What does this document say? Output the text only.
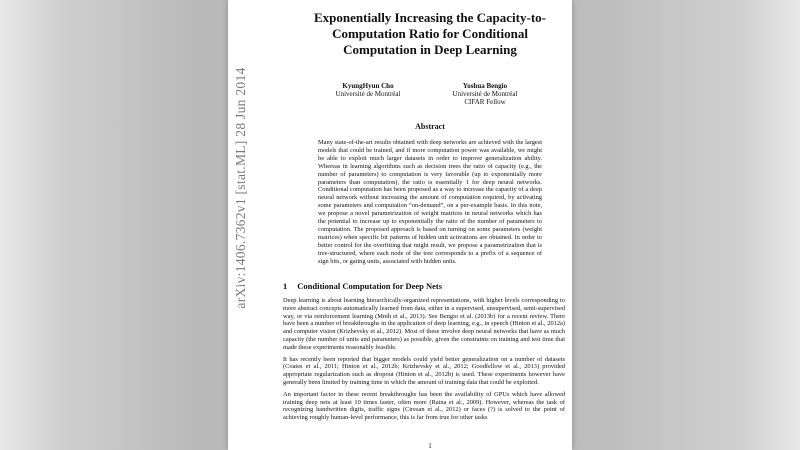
arXiv:1406.7362v1 [stat.ML] 28 Jun 2014
Exponentially Increasing the Capacity-to-Computation Ratio for Conditional Computation in Deep Learning
KyungHyun Cho
Université de Montréal
Yoshua Bengio
Université de Montréal
CIFAR Fellow
Abstract
Many state-of-the-art results obtained with deep networks are achieved with the largest models that could be trained, and if more computation power was available, we might be able to exploit much larger datasets in order to improve generalization ability. Whereas in learning algorithms such as decision trees the ratio of capacity (e.g., the number of parameters) to computation is very favorable (up to exponentially more parameters than computation), the ratio is essentially 1 for deep neural networks. Conditional computation has been proposed as a way to increase the capacity of a deep neural network without increasing the amount of computation required, by activating some parameters and computation “on-demand”, on a per-example basis. In this note, we propose a novel parametrization of weight matrices in neural networks which has the potential to increase up to exponentially the ratio of the number of parameters to computation. The proposed approach is based on turning on some parameters (weight matrices) when specific bit patterns of hidden unit activations are obtained. In order to better control for the overfitting that might result, we propose a parametrization that is tree-structured, where each node of the tree corresponds to a prefix of a sequence of sign bits, or gating units, associated with hidden units.
1 Conditional Computation for Deep Nets

Deep learning is about learning hierarchically-organized representations, with higher levels corresponding to more abstract concepts automatically learned from data, either in a supervised, unsupervised, semi-supervised way, or via reinforcement learning (Mnih et al., 2013). See Bengio et al. (2013b) for a recent review. There have been a number of breakthroughs in the application of deep learning, e.g., in speech (Hinton et al., 2012a) and computer vision (Krizhevsky et al., 2012). Most of these involve deep neural networks that have as much capacity (the number of units and parameters) as possible, given the constraints on training and test time that made these experiments reasonably feasible.

It has recently been reported that bigger models could yield better generalization on a number of datasets (Coates et al., 2011; Hinton et al., 2012b; Krizhevsky et al., 2012; Goodfellow et al., 2013) provided appropriate regularization such as dropout (Hinton et al., 2012b) is used. These experiments however have generally been limited by training time in which the amount of training data that could be exploited.

An important factor in these recent breakthroughs has been the availability of GPUs which have allowed training deep nets at least 10 times faster, often more (Raina et al., 2009). However, whereas the task of recognizing handwritten digits, traffic signs (Ciresan et al., 2012) or faces (?) is solved to the point of achieving roughly human-level performance, this is far from true for other tasks

1
